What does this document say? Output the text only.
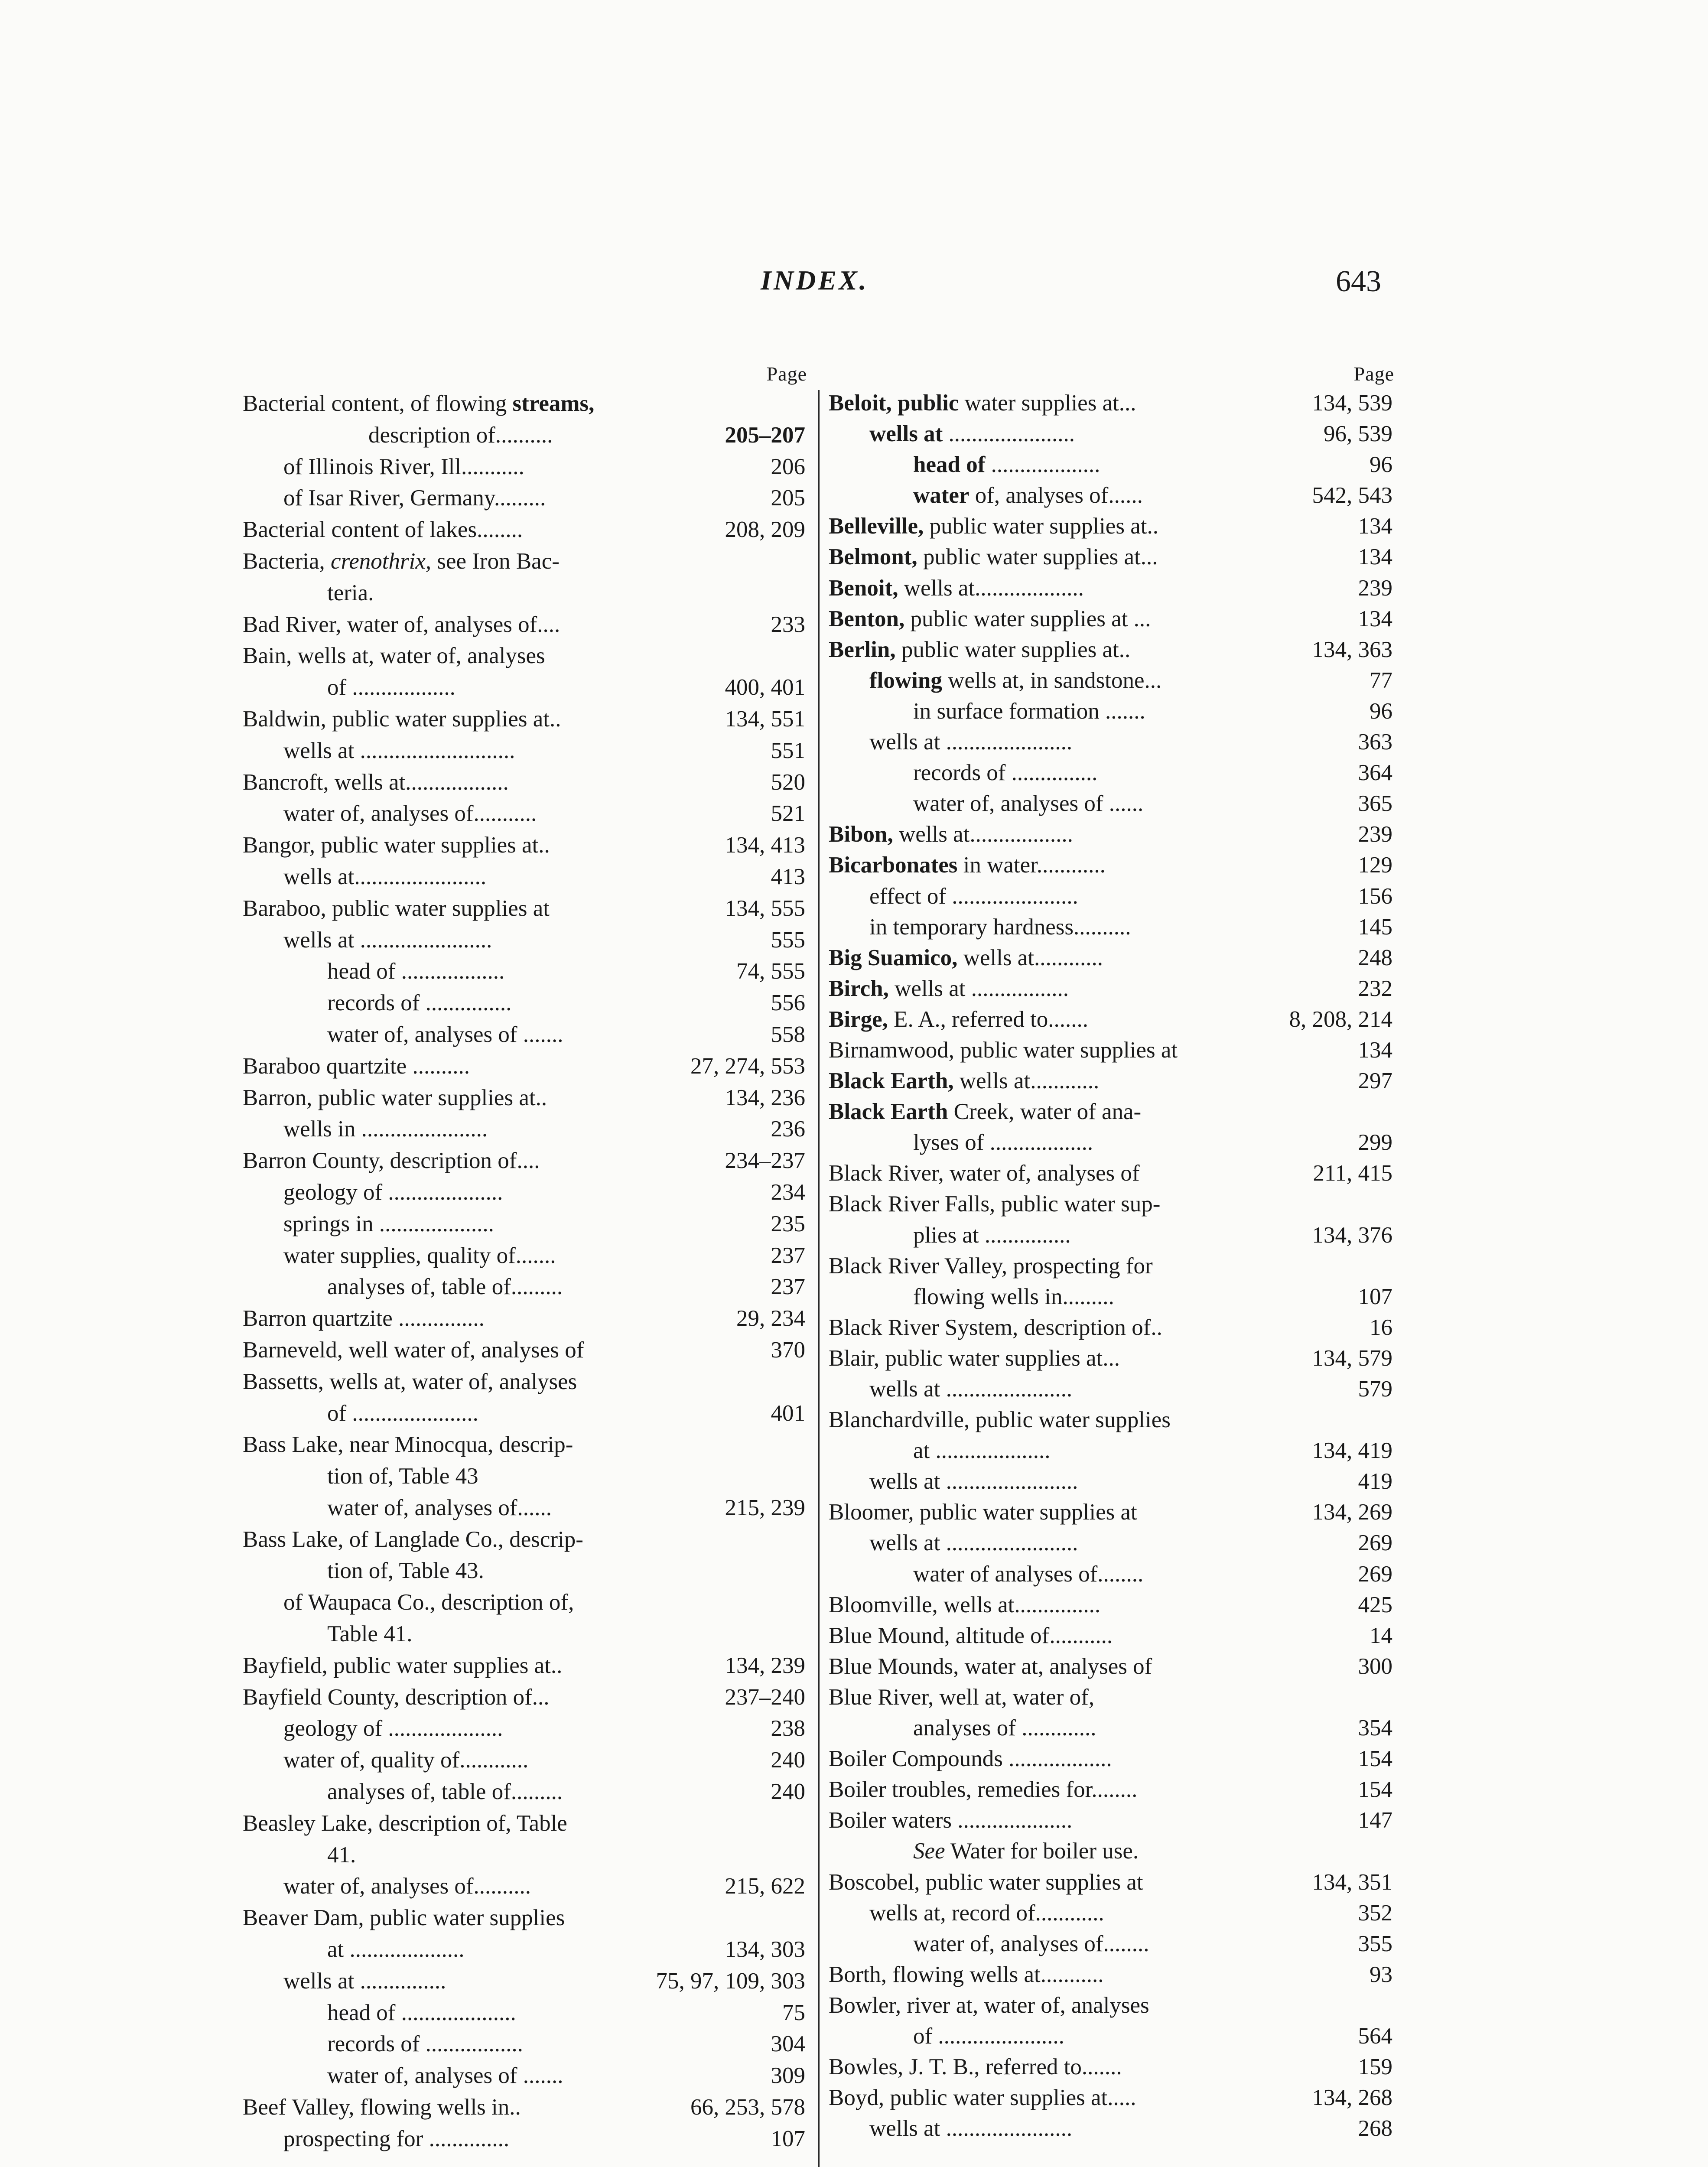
INDEX.	643
Page
Bacterial content, of flowing streams,
description of..........	205–207
of Illinois River, Ill...........	206
of Isar River, Germany.........	205
Bacterial content of lakes........	208, 209
Bacteria, crenothrix, see Iron Bac-
teria.
Bad River, water of, analyses of....	233
Bain, wells at, water of, analyses
of ..................	400, 401
Baldwin, public water supplies at..	134, 551
wells at ...........................	551
Bancroft, wells at..................	520
water of, analyses of...........	521
Bangor, public water supplies at..	134, 413
wells at.......................	413
Baraboo, public water supplies at	134, 555
wells at .......................	555
head of ..................	74, 555
records of ...............	556
water of, analyses of .......	558
Baraboo quartzite ..........	27, 274, 553
Barron, public water supplies at..	134, 236
wells in ......................	236
Barron County, description of....	234–237
geology of ....................	234
springs in ....................	235
water supplies, quality of.......	237
analyses of, table of.........	237
Barron quartzite ...............	29, 234
Barneveld, well water of, analyses of	370
Bassetts, wells at, water of, analyses
of ......................	401
Bass Lake, near Minocqua, descrip-
tion of, Table 43
water of, analyses of......	215, 239
Bass Lake, of Langlade Co., descrip-
tion of, Table 43.
of Waupaca Co., description of,
Table 41.
Bayfield, public water supplies at..	134, 239
Bayfield County, description of...	237–240
geology of ....................	238
water of, quality of............	240
analyses of, table of.........	240
Beasley Lake, description of, Table
41.
water of, analyses of..........	215, 622
Beaver Dam, public water supplies
at ....................	134, 303
wells at ...............	75, 97, 109, 303
head of ....................	75
records of .................	304
water of, analyses of .......	309
Beef Valley, flowing wells in..	66, 253, 578
prospecting for ..............	107
Page
Beloit, public water supplies at...	134, 539
wells at ......................	96, 539
head of ...................	96
water of, analyses of......	542, 543
Belleville, public water supplies at..	134
Belmont, public water supplies at...	134
Benoit, wells at...................	239
Benton, public water supplies at ...	134
Berlin, public water supplies at..	134, 363
flowing wells at, in sandstone...	77
in surface formation .......	96
wells at ......................	363
records of ...............	364
water of, analyses of ......	365
Bibon, wells at..................	239
Bicarbonates in water............	129
effect of ......................	156
in temporary hardness..........	145
Big Suamico, wells at............	248
Birch, wells at .................	232
Birge, E. A., referred to.......	8, 208, 214
Birnamwood, public water supplies at	134
Black Earth, wells at............	297
Black Earth Creek, water of ana-
lyses of ..................	299
Black River, water of, analyses of	211, 415
Black River Falls, public water sup-
plies at ...............	134, 376
Black River Valley, prospecting for
flowing wells in.........	107
Black River System, description of..	16
Blair, public water supplies at...	134, 579
wells at ......................	579
Blanchardville, public water supplies
at ....................	134, 419
wells at .......................	419
Bloomer, public water supplies at	134, 269
wells at .......................	269
water of analyses of........	269
Bloomville, wells at...............	425
Blue Mound, altitude of...........	14
Blue Mounds, water at, analyses of	300
Blue River, well at, water of,
analyses of .............	354
Boiler Compounds ..................	154
Boiler troubles, remedies for........	154
Boiler waters ....................	147
See Water for boiler use.
Boscobel, public water supplies at	134, 351
wells at, record of............	352
water of, analyses of........	355
Borth, flowing wells at...........	93
Bowler, river at, water of, analyses
of ......................	564
Bowles, J. T. B., referred to.......	159
Boyd, public water supplies at.....	134, 268
wells at ......................	268
